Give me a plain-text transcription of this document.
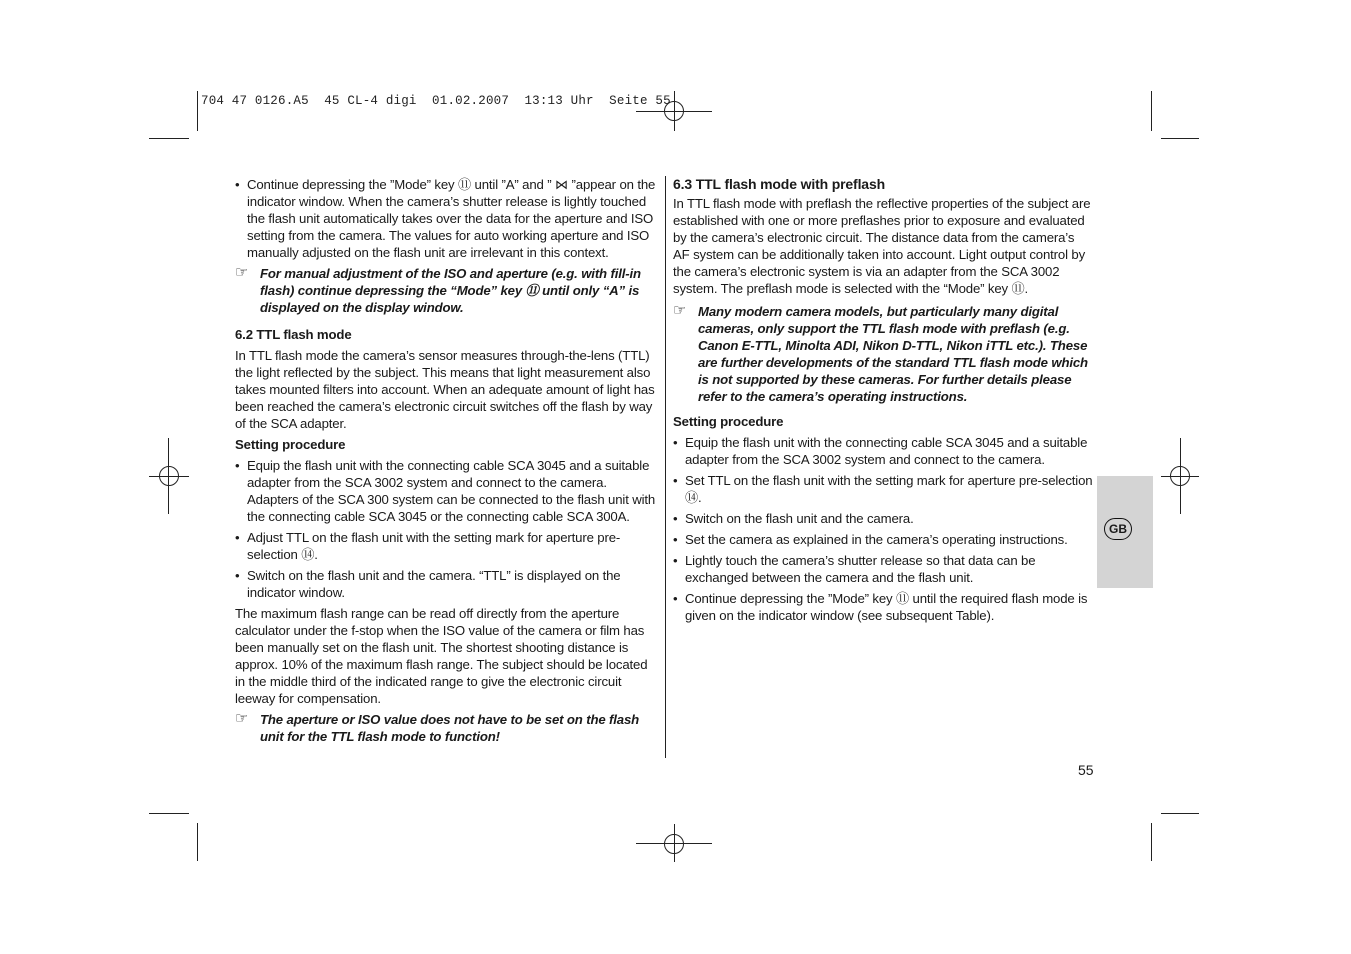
704 47 0126.A5  45 CL-4 digi  01.02.2007  13:13 Uhr  Seite 55
• Continue depressing the ”Mode” key ⑪ until ”A” and ” ⋈ ”appear on the indicator window. When the camera’s shutter release is lightly touched the flash unit automatically takes over the data for the aperture and ISO setting from the camera. The values for auto working aperture and ISO manually adjusted on the flash unit are irrelevant in this context.
☞ For manual adjustment of the ISO and aperture (e.g. with fill-in flash) continue depressing the “Mode” key ⑪ until only “A” is displayed on the display window.
6.2 TTL flash mode

In TTL flash mode the camera’s sensor measures through-the-lens (TTL) the light reflected by the subject. This means that light measurement also takes mounted filters into account. When an adequate amount of light has been reached the camera’s electronic circuit switches off the flash by way of the SCA adapter.

Setting procedure
• Equip the flash unit with the connecting cable SCA 3045 and a suitable adapter from the SCA 3002 system and connect to the camera. Adapters of the SCA 300 system can be connected to the flash unit with the connecting cable SCA 3045 or the connecting cable SCA 300A.
• Adjust TTL on the flash unit with the setting mark for aperture pre-selection ⑭.
• Switch on the flash unit and the camera. “TTL” is displayed on the indicator window.

The maximum flash range can be read off directly from the aperture calculator under the f-stop when the ISO value of the camera or film has been manually set on the flash unit. The shortest shooting distance is approx. 10% of the maximum flash range. The subject should be located in the middle third of the indicated range to give the electronic circuit leeway for compensation.

☞ The aperture or ISO value does not have to be set on the flash unit for the TTL flash mode to function!
6.3 TTL flash mode with preflash

In TTL flash mode with preflash the reflective properties of the subject are established with one or more preflashes prior to exposure and evaluated by the camera’s electronic circuit. The distance data from the camera’s AF system can be additionally taken into account. Light output control by the camera’s electronic system is via an adapter from the SCA 3002 system. The preflash mode is selected with the “Mode” key ⑪.

☞ Many modern camera models, but particularly many digital cameras, only support the TTL flash mode with preflash (e.g. Canon E-TTL, Minolta ADI, Nikon D-TTL, Nikon iTTL etc.). These are further developments of the standard TTL flash mode which is not supported by these cameras. For further details please refer to the camera’s operating instructions.
Setting procedure
• Equip the flash unit with the connecting cable SCA 3045 and a suitable adapter from the SCA 3002 system and connect to the camera.
• Set TTL on the flash unit with the setting mark for aperture pre-selection ⑭.
• Switch on the flash unit and the camera.
• Set the camera as explained in the camera’s operating instructions.
• Lightly touch the camera’s shutter release so that data can be exchanged between the camera and the flash unit.
• Continue depressing the ”Mode” key ⑪ until the required flash mode is given on the indicator window (see subsequent Table).
GB
55
